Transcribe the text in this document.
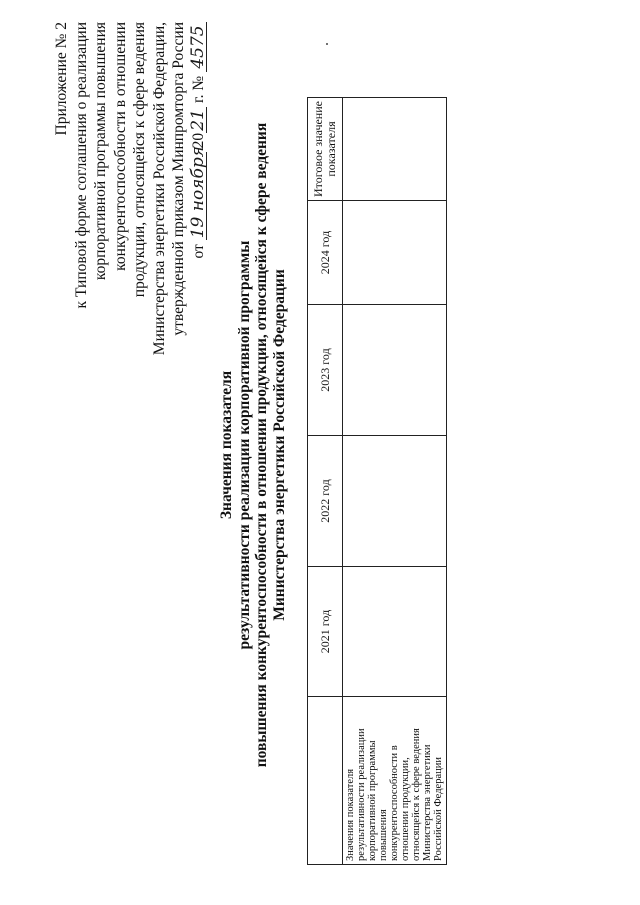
Приложение № 2 к Типовой форме соглашения о реализации корпоративной программы повышения конкурентоспособности в отношении продукции, относящейся к сфере ведения Министерства энергетики Российской Федерации, утвержденной приказом Минпромторга России от 19 ноября 2021 г. № 4575
Значения показателя результативности реализации корпоративной программы повышения конкурентоспособности в отношении продукции, относящейся к сфере ведения Министерства энергетики Российской Федерации
	2021 год	2022 год	2023 год	2024 год	Итоговое значение показателя
Значения показателя результативности реализации корпоративной программы повышения конкурентоспособности в отношении продукции, относящейся к сфере ведения Министерства энергетики Российской Федерации					
